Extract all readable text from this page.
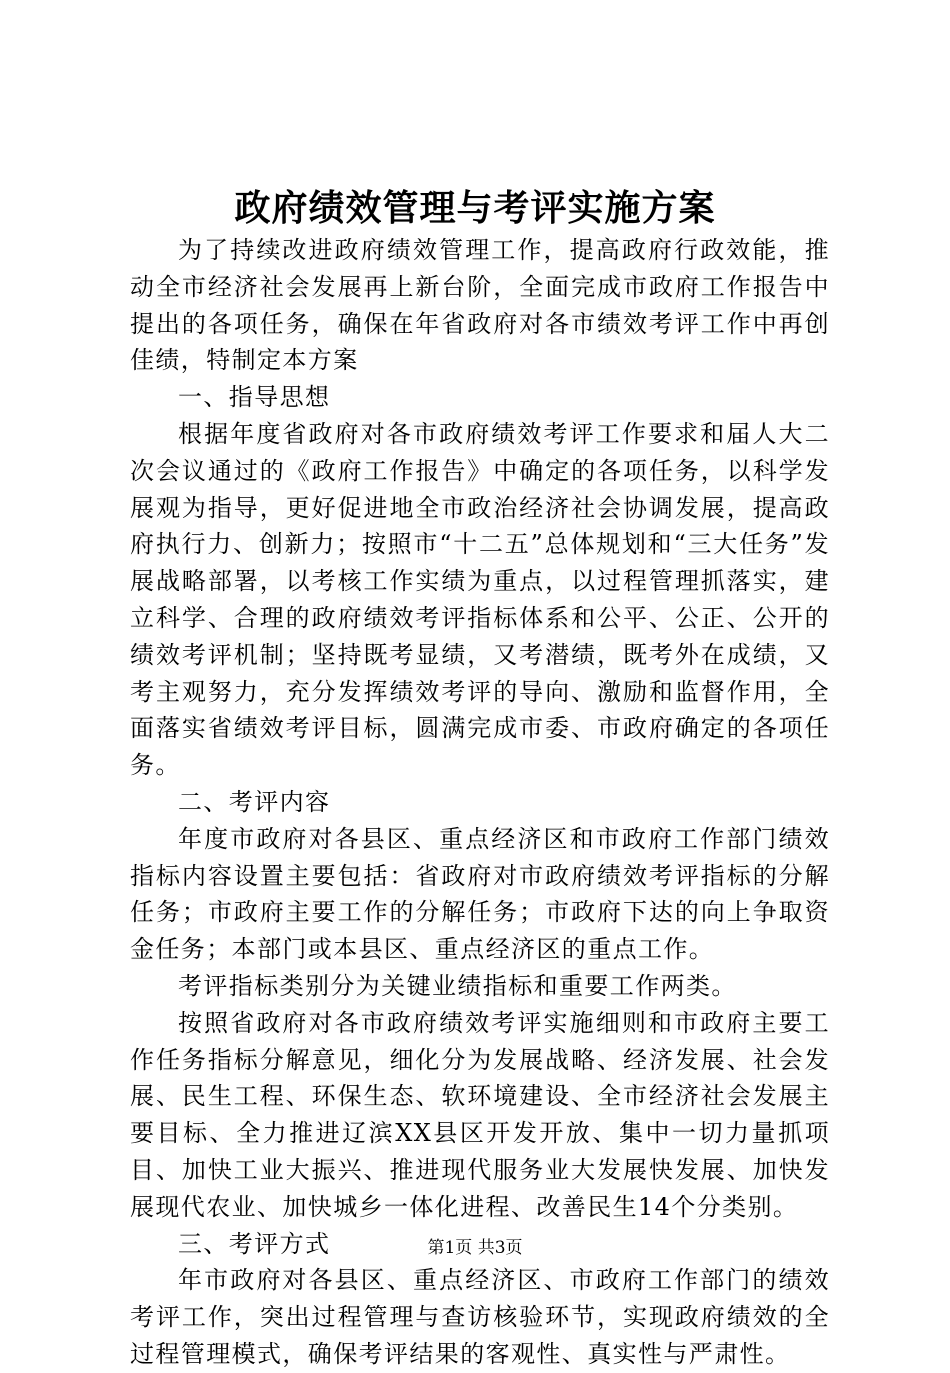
政府绩效管理与考评实施方案

为了持续改进政府绩效管理工作，提高政府行政效能，推动全市经济社会发展再上新台阶，全面完成市政府工作报告中提出的各项任务，确保在年省政府对各市绩效考评工作中再创佳绩，特制定本方案

一、指导思想

根据年度省政府对各市政府绩效考评工作要求和届人大二次会议通过的《政府工作报告》中确定的各项任务，以科学发展观为指导，更好促进地全市政治经济社会协调发展，提高政府执行力、创新力；按照市“十二五”总体规划和“三大任务”发展战略部署，以考核工作实绩为重点，以过程管理抓落实，建立科学、合理的政府绩效考评指标体系和公平、公正、公开的绩效考评机制；坚持既考显绩，又考潜绩，既考外在成绩，又考主观努力，充分发挥绩效考评的导向、激励和监督作用，全面落实省绩效考评目标，圆满完成市委、市政府确定的各项任务。

二、考评内容

年度市政府对各县区、重点经济区和市政府工作部门绩效指标内容设置主要包括：省政府对市政府绩效考评指标的分解任务；市政府主要工作的分解任务；市政府下达的向上争取资金任务；本部门或本县区、重点经济区的重点工作。

考评指标类别分为关键业绩指标和重要工作两类。

按照省政府对各市政府绩效考评实施细则和市政府主要工作任务指标分解意见，细化分为发展战略、经济发展、社会发展、民生工程、环保生态、软环境建设、全市经济社会发展主要目标、全力推进辽滨XX县区开发开放、集中一切力量抓项目、加快工业大振兴、推进现代服务业大发展快发展、加快发展现代农业、加快城乡一体化进程、改善民生14个分类别。

三、考评方式

年市政府对各县区、重点经济区、市政府工作部门的绩效考评工作，突出过程管理与查访核验环节，实现政府绩效的全过程管理模式，确保考评结果的客观性、真实性与严肃性。

第1页 共3页
